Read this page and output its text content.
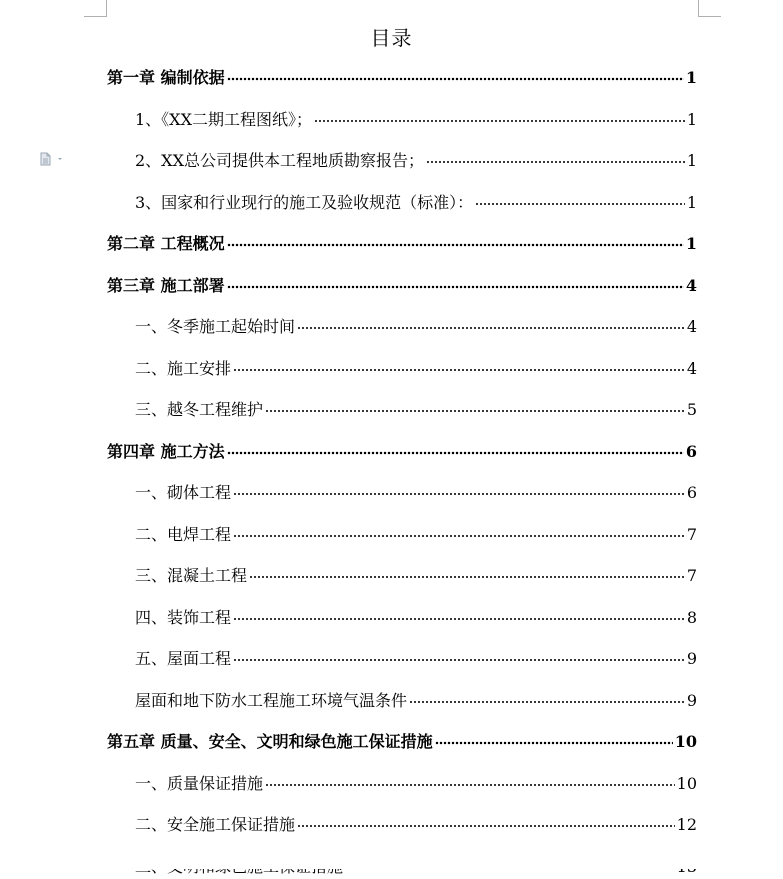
目录
第一章 编制依据	1
1、《XX二期工程图纸》；	1
2、XX总公司提供本工程地质勘察报告；	1
3、国家和行业现行的施工及验收规范（标准）：	1
第二章 工程概况	1
第三章 施工部署	4
一、冬季施工起始时间	4
二、施工安排	4
三、越冬工程维护	5
第四章 施工方法	6
一、砌体工程	6
二、电焊工程	7
三、混凝土工程	7
四、装饰工程	8
五、屋面工程	9
屋面和地下防水工程施工环境气温条件	9
第五章 质量、安全、文明和绿色施工保证措施	10
一、质量保证措施	10
二、安全施工保证措施	12
